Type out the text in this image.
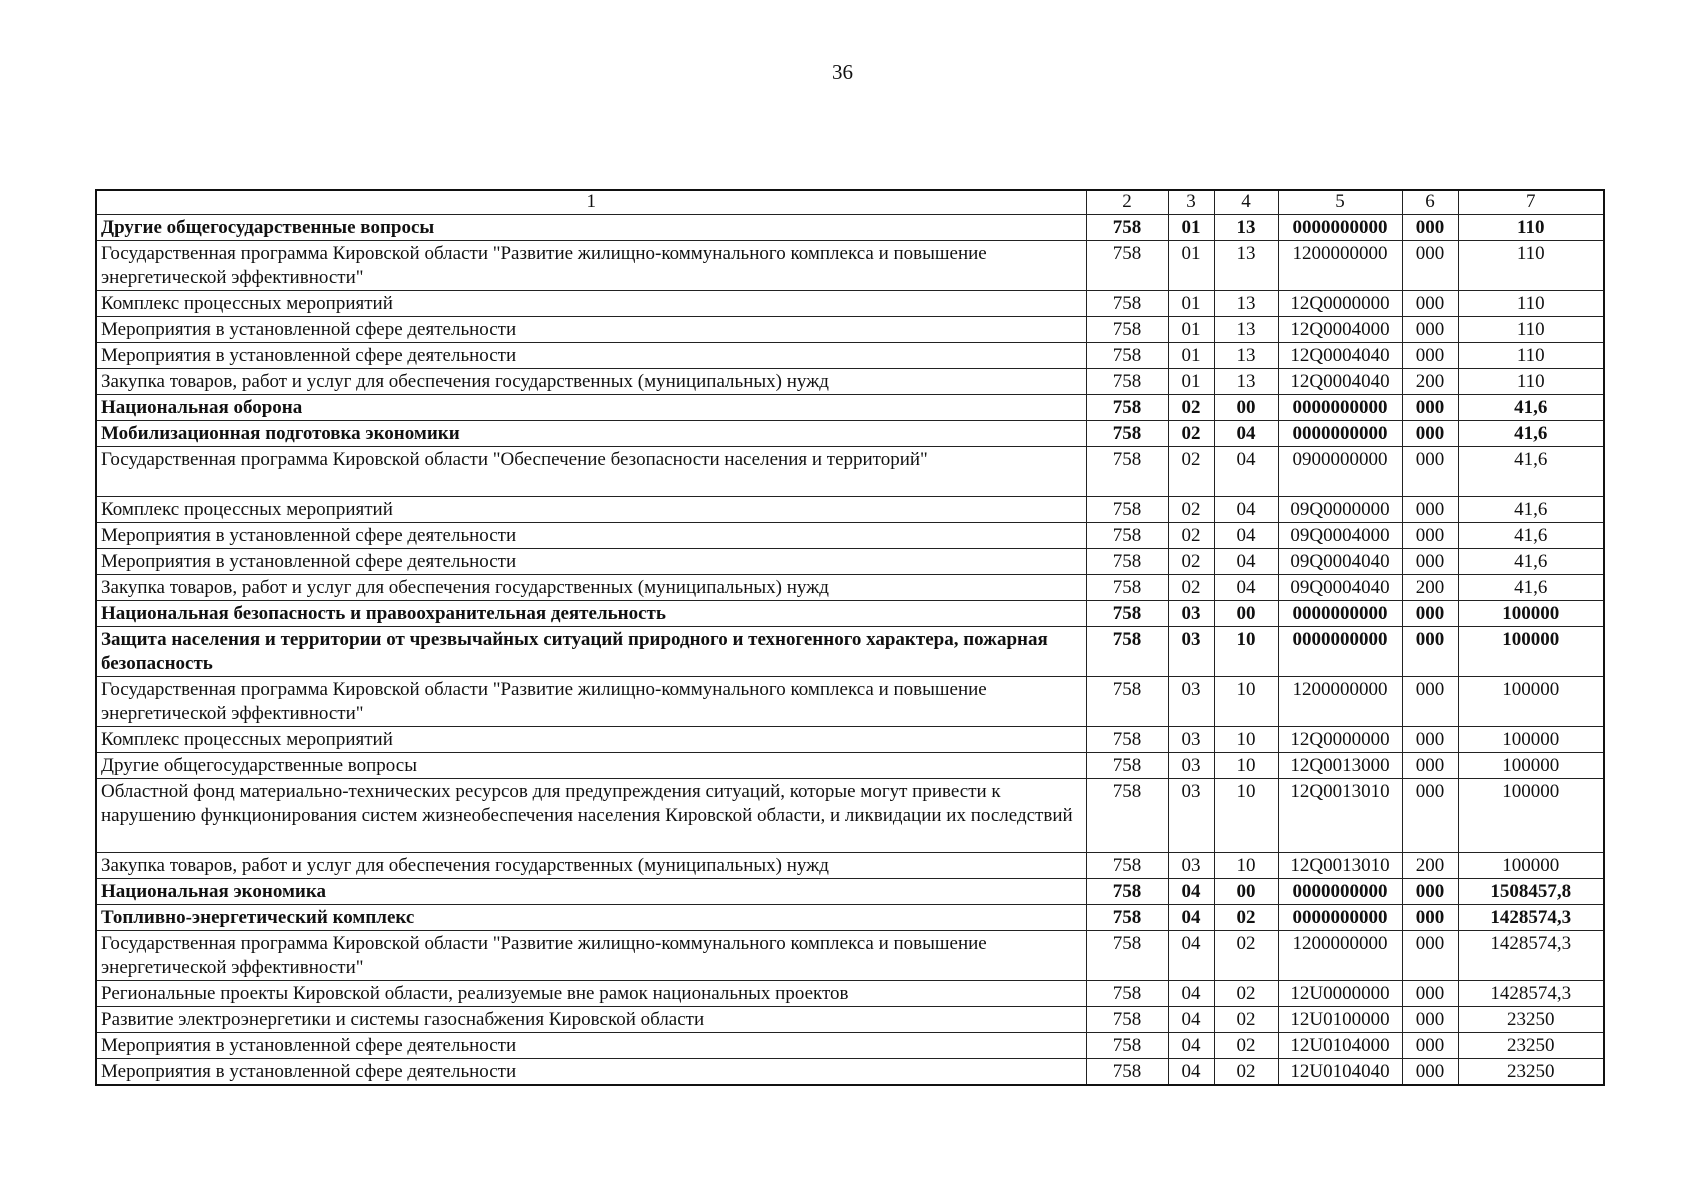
36
1	2	3	4	5	6	7
Другие общегосударственные вопросы	758	01	13	0000000000	000	110
Государственная программа Кировской области "Развитие жилищно-коммунального комплекса и повышение энергетической эффективности"	758	01	13	1200000000	000	110
Комплекс процессных мероприятий	758	01	13	12Q0000000	000	110
Мероприятия в установленной сфере деятельности	758	01	13	12Q0004000	000	110
Мероприятия в установленной сфере деятельности	758	01	13	12Q0004040	000	110
Закупка товаров, работ и услуг для обеспечения государственных (муниципальных) нужд	758	01	13	12Q0004040	200	110
Национальная оборона	758	02	00	0000000000	000	41,6
Мобилизационная подготовка экономики	758	02	04	0000000000	000	41,6
Государственная программа Кировской области "Обеспечение безопасности населения и территорий"	758	02	04	0900000000	000	41,6
Комплекс процессных мероприятий	758	02	04	09Q0000000	000	41,6
Мероприятия в установленной сфере деятельности	758	02	04	09Q0004000	000	41,6
Мероприятия в установленной сфере деятельности	758	02	04	09Q0004040	000	41,6
Закупка товаров, работ и услуг для обеспечения государственных (муниципальных) нужд	758	02	04	09Q0004040	200	41,6
Национальная безопасность и правоохранительная деятельность	758	03	00	0000000000	000	100000
Защита населения и территории от чрезвычайных ситуаций природного и техногенного характера, пожарная безопасность	758	03	10	0000000000	000	100000
Государственная программа Кировской области "Развитие жилищно-коммунального комплекса и повышение энергетической эффективности"	758	03	10	1200000000	000	100000
Комплекс процессных мероприятий	758	03	10	12Q0000000	000	100000
Другие общегосударственные вопросы	758	03	10	12Q0013000	000	100000
Областной фонд материально-технических ресурсов для предупреждения ситуаций, которые могут привести к нарушению функционирования систем жизнеобеспечения населения Кировской области, и ликвидации их последствий	758	03	10	12Q0013010	000	100000
Закупка товаров, работ и услуг для обеспечения государственных (муниципальных) нужд	758	03	10	12Q0013010	200	100000
Национальная экономика	758	04	00	0000000000	000	1508457,8
Топливно-энергетический комплекс	758	04	02	0000000000	000	1428574,3
Государственная программа Кировской области "Развитие жилищно-коммунального комплекса и повышение энергетической эффективности"	758	04	02	1200000000	000	1428574,3
Региональные проекты Кировской области, реализуемые вне рамок национальных проектов	758	04	02	12U0000000	000	1428574,3
Развитие электроэнергетики и системы газоснабжения Кировской области	758	04	02	12U0100000	000	23250
Мероприятия в установленной сфере деятельности	758	04	02	12U0104000	000	23250
Мероприятия в установленной сфере деятельности	758	04	02	12U0104040	000	23250
